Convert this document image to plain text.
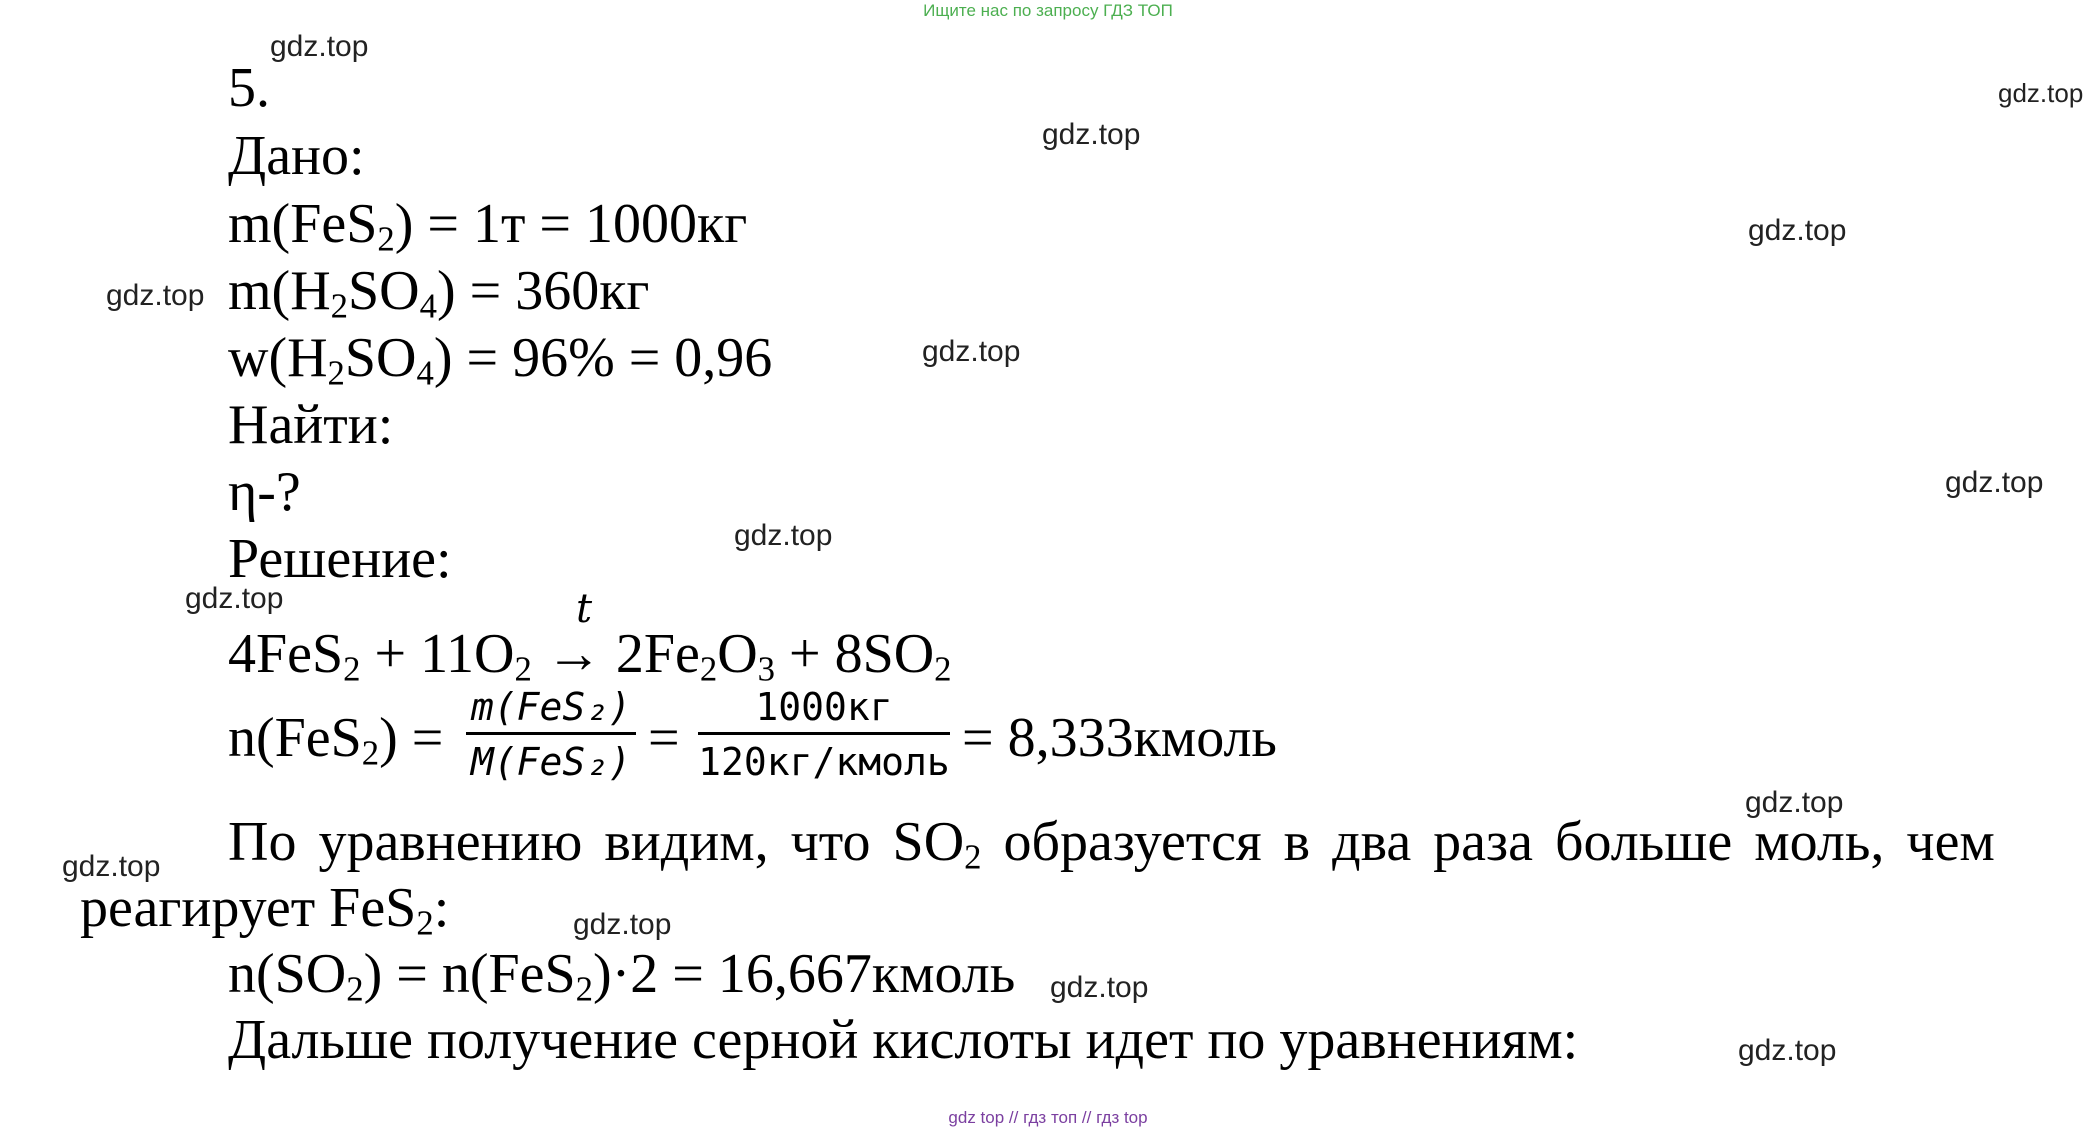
Ищите нас по запросу ГДЗ ТОП
gdz.top
gdz.top
gdz.top
gdz.top
gdz.top
gdz.top
gdz.top
gdz.top
gdz.top
gdz.top
gdz.top
gdz.top
gdz.top
gdz.top
5.
Дано:
m(FeS$_2$) = 1т = 1000кг
$m(H_2SO_4) = 360кг$
$w(H_2SO_4) = 96\% = 0,96$
Найти:
η-?
Решение:
t
$4FeS_2 + 11O_2 \to 2Fe_2O_3 + 8SO_2$
n(FeS$_2$) = m(FeS₂)
M(FeS₂) =	1000кг
120кг/кмоль = 8,333кмоль
По уравнению видим, что $SO_2$ образуется в два раза больше моль, чем
реагирует FeS$_2$:
$n(SO_2) = n(FeS_2)\cdot 2$ = 16,667кмоль
Дальше получение серной кислоты идет по уравнениям:
gdz top // гдз топ // гдз top
